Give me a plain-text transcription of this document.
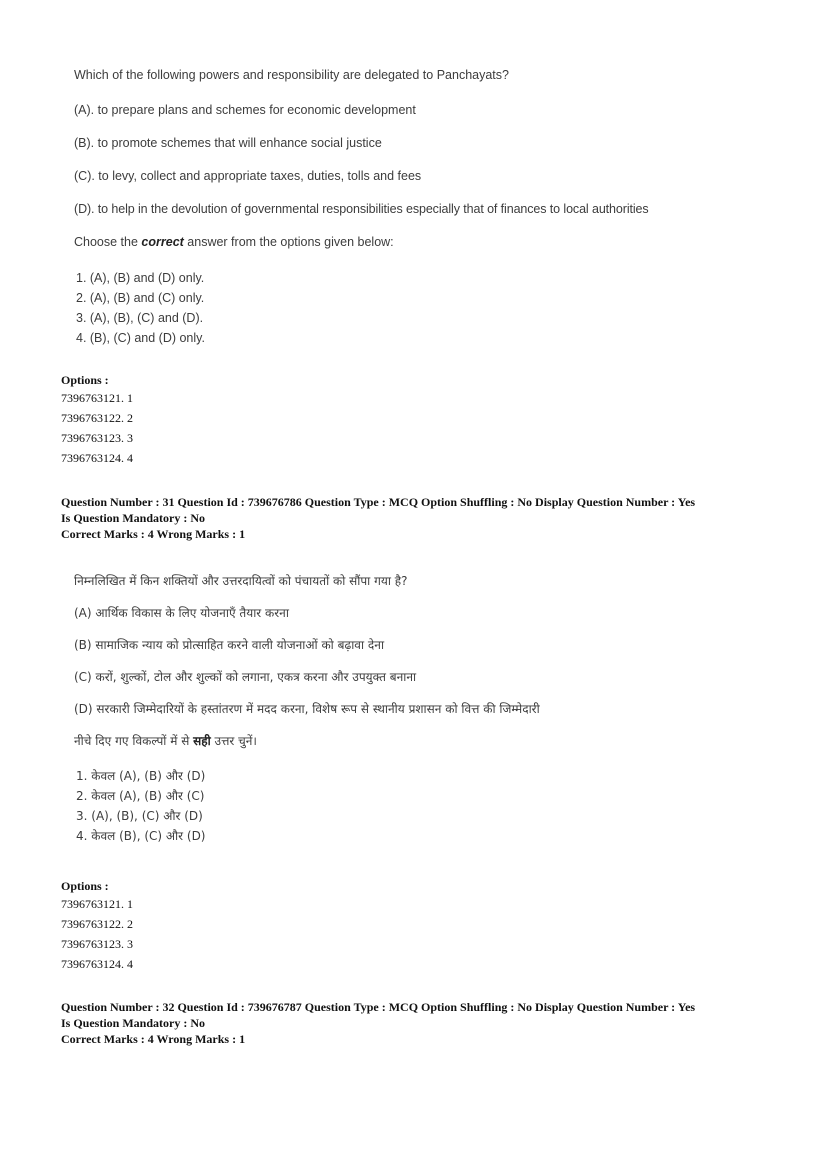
Which of the following powers and responsibility are delegated to Panchayats?

(A). to prepare plans and schemes for economic development

(B). to promote schemes that will enhance social justice

(C). to levy, collect and appropriate taxes, duties, tolls and fees

(D). to help in the devolution of governmental responsibilities especially that of finances to local authorities

Choose the correct answer from the options given below:

1. (A), (B) and (D) only.
2. (A), (B) and (C) only.
3. (A), (B), (C) and (D).
4. (B), (C) and (D) only.
Options :
7396763121. 1
7396763122. 2
7396763123. 3
7396763124. 4
Question Number : 31 Question Id : 739676786 Question Type : MCQ Option Shuffling : No Display Question Number : Yes
Is Question Mandatory : No
Correct Marks : 4 Wrong Marks : 1

निम्नलिखित में किन शक्तियों और उत्तरदायित्वों को पंचायतों को सौंपा गया है?

(A) आर्थिक विकास के लिए योजनाएँ तैयार करना

(B) सामाजिक न्याय को प्रोत्साहित करने वाली योजनाओं को बढ़ावा देना

(C) करों, शुल्कों, टोल और शुल्कों को लगाना, एकत्र करना और उपयुक्त बनाना

(D) सरकारी जिम्मेदारियों के हस्तांतरण में मदद करना, विशेष रूप से स्थानीय प्रशासन को वित्त की जिम्मेदारी

नीचे दिए गए विकल्पों में से सही उत्तर चुनें।

1. केवल (A), (B) और (D)
2. केवल (A), (B) और (C)
3. (A), (B), (C) और (D)
4. केवल (B), (C) और (D)
Options :
7396763121. 1
7396763122. 2
7396763123. 3
7396763124. 4
Question Number : 32 Question Id : 739676787 Question Type : MCQ Option Shuffling : No Display Question Number : Yes
Is Question Mandatory : No
Correct Marks : 4 Wrong Marks : 1
